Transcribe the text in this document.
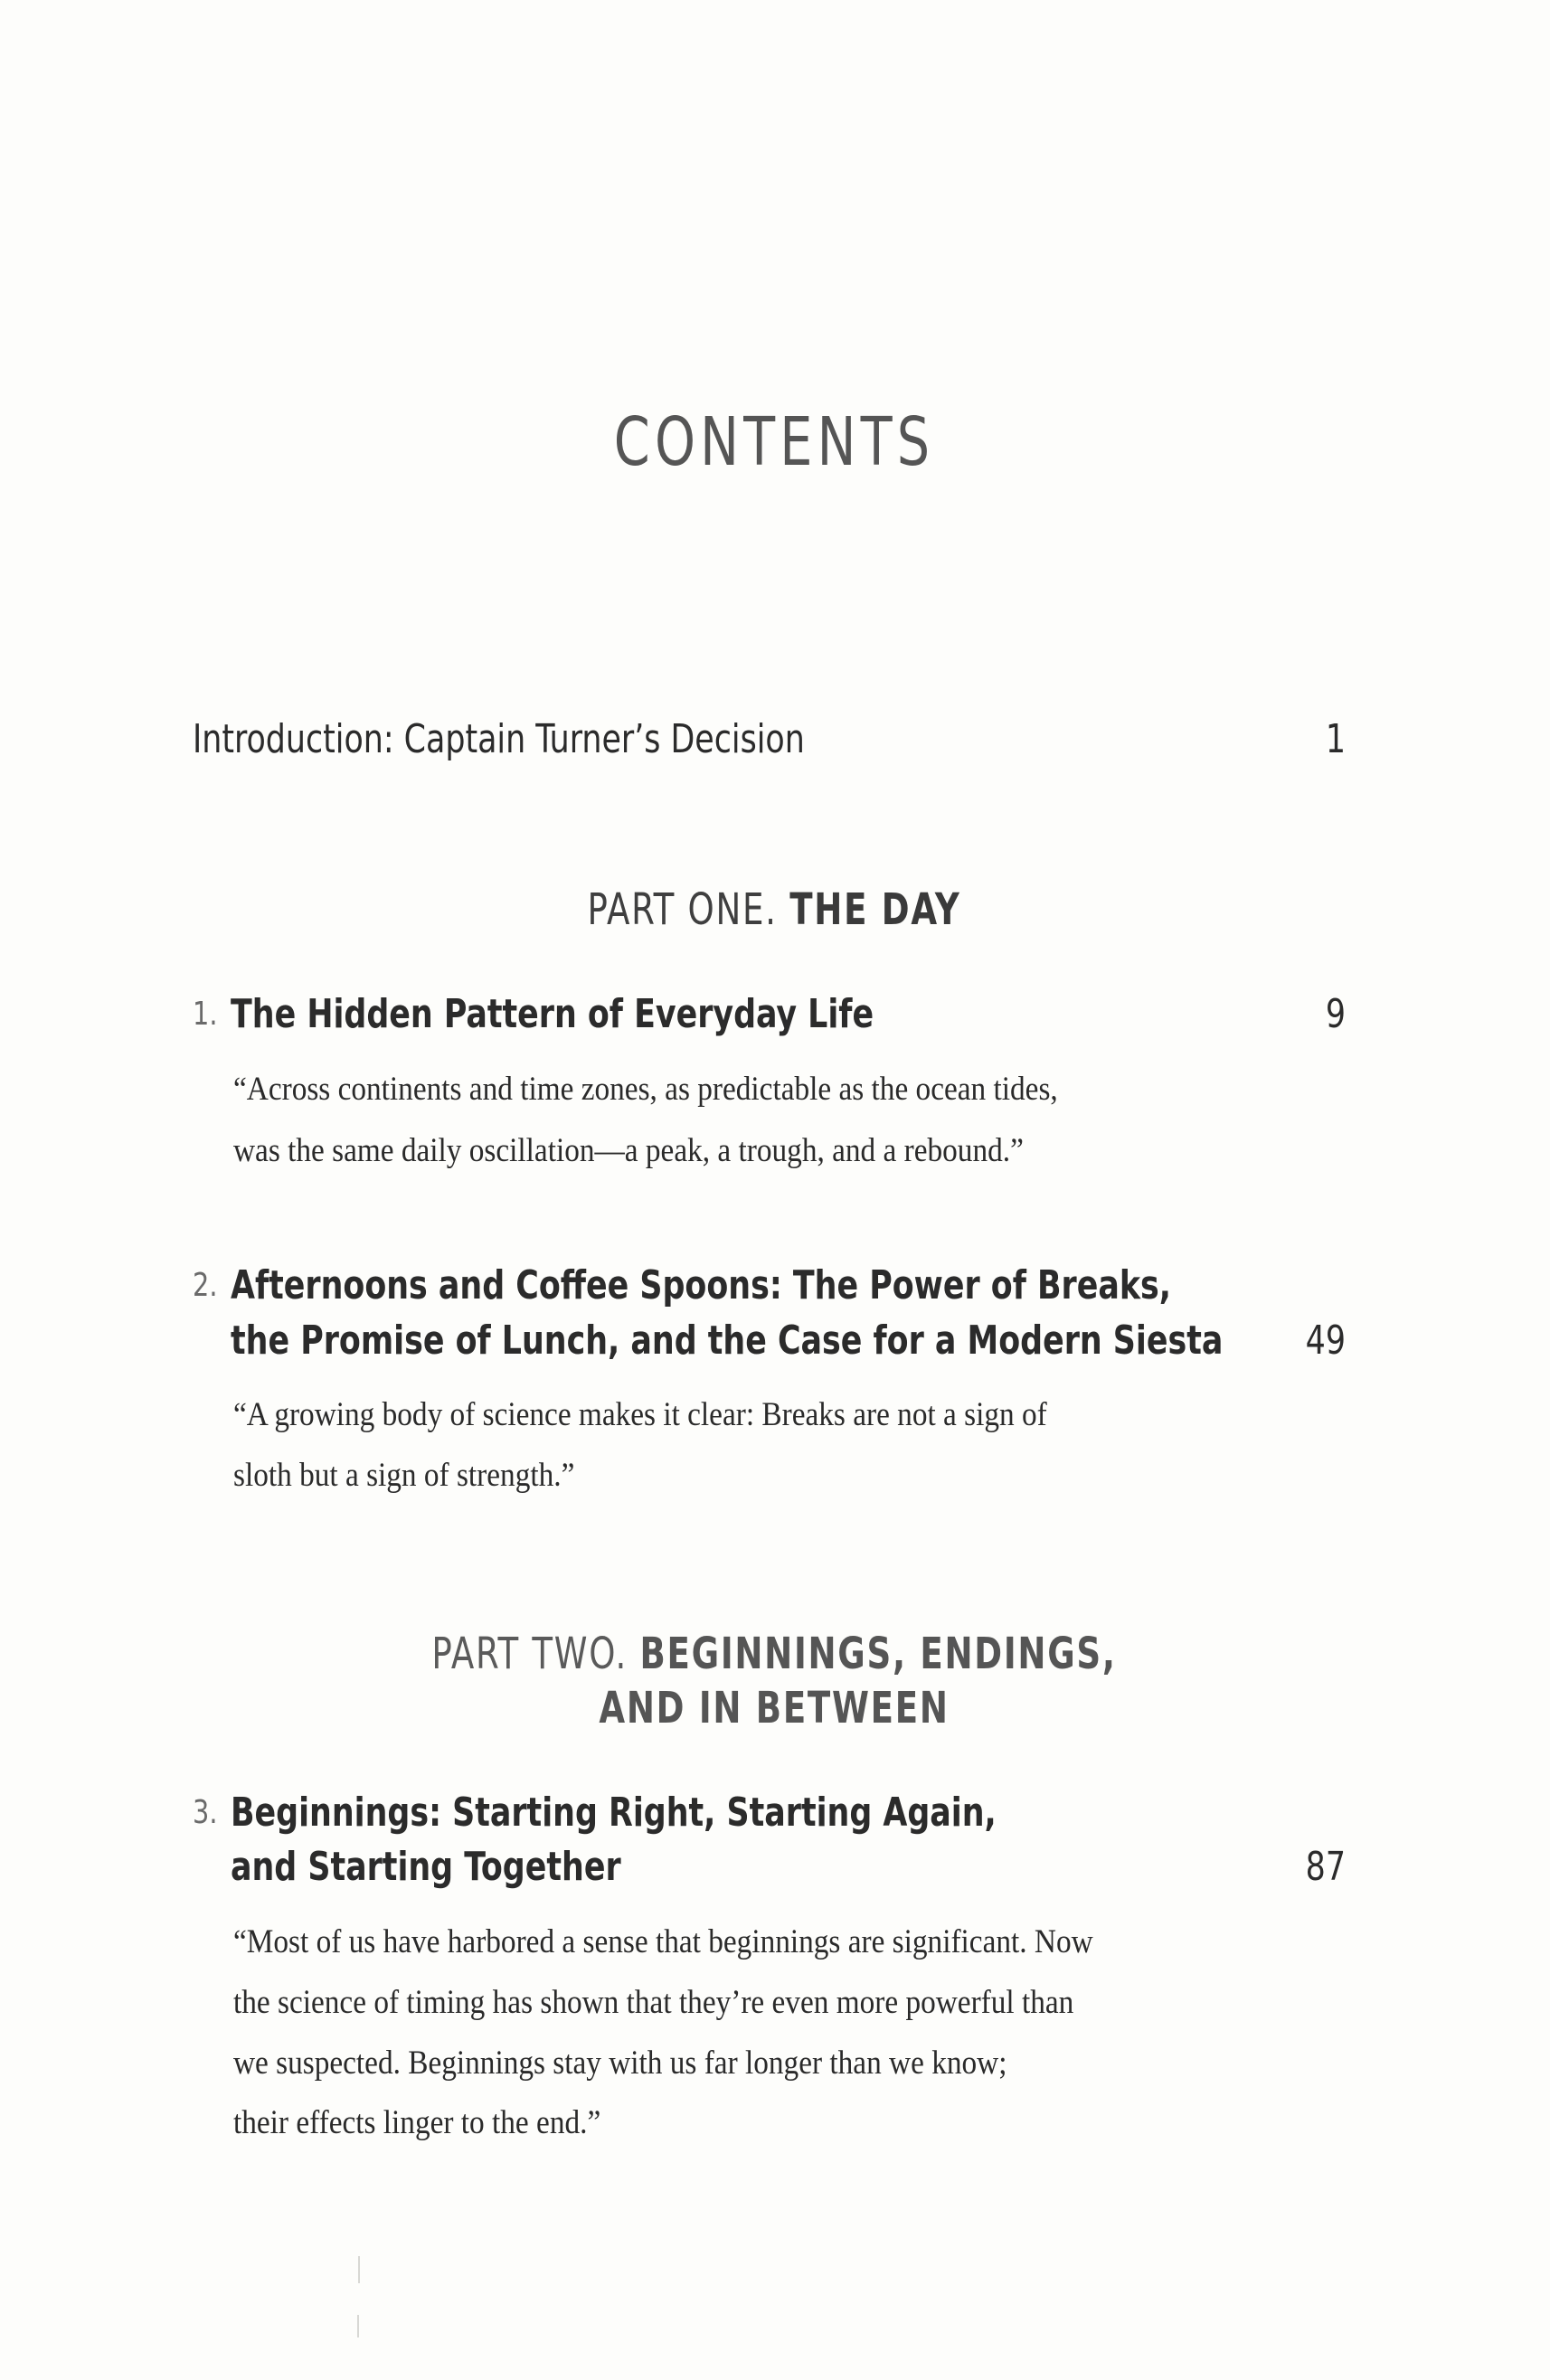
CONTENTS
Introduction: Captain Turner’s Decision	1
PART ONE. THE DAY
1. The Hidden Pattern of Everyday Life	9
“Across continents and time zones, as predictable as the ocean tides,
was the same daily oscillation—a peak, a trough, and a rebound.”
2. Afternoons and Coffee Spoons: The Power of Breaks,
the Promise of Lunch, and the Case for a Modern Siesta	49
“A growing body of science makes it clear: Breaks are not a sign of
sloth but a sign of strength.”
PART TWO. BEGINNINGS, ENDINGS,
AND IN BETWEEN
3. Beginnings: Starting Right, Starting Again,
and Starting Together	87
“Most of us have harbored a sense that beginnings are significant. Now
the science of timing has shown that they’re even more powerful than
we suspected. Beginnings stay with us far longer than we know;
their effects linger to the end.”
